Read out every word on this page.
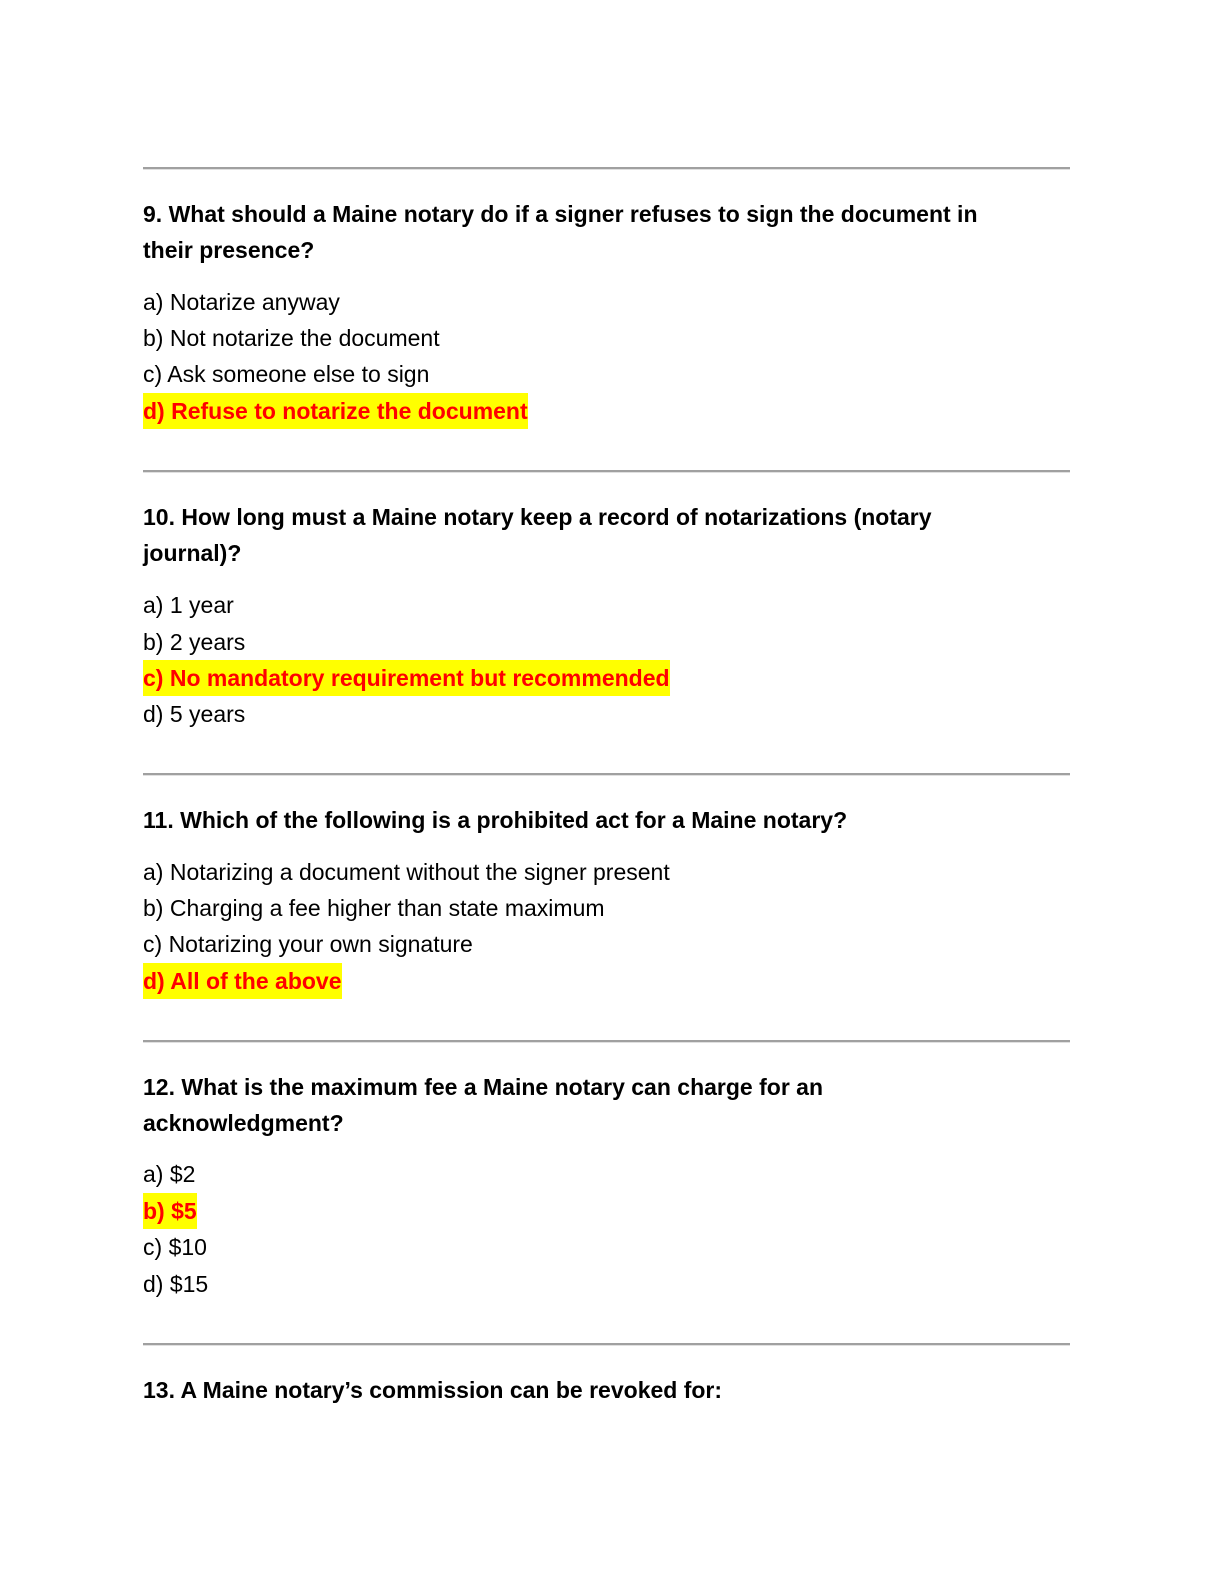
9. What should a Maine notary do if a signer refuses to sign the document in their presence?
a) Notarize anyway
b) Not notarize the document
c) Ask someone else to sign
d) Refuse to notarize the document
10. How long must a Maine notary keep a record of notarizations (notary journal)?
a) 1 year
b) 2 years
c) No mandatory requirement but recommended
d) 5 years
11. Which of the following is a prohibited act for a Maine notary?
a) Notarizing a document without the signer present
b) Charging a fee higher than state maximum
c) Notarizing your own signature
d) All of the above
12. What is the maximum fee a Maine notary can charge for an acknowledgment?
a) $2
b) $5
c) $10
d) $15
13. A Maine notary’s commission can be revoked for:
